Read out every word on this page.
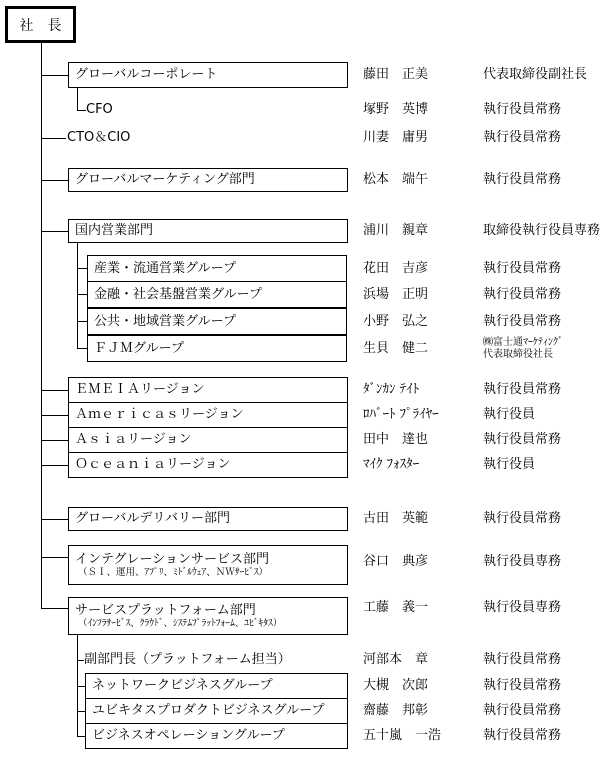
社　長
グローバルコーポレート
CFO
CTO＆CIO
グローバルマーケティング部門
国内営業部門
産業・流通営業グループ
金融・社会基盤営業グループ
公共・地域営業グループ
ＦＪＭグループ
ＥＭＥＩＡリージョン
Ａｍｅｒｉｃａｓリージョン
Ａｓｉａリージョン
Ｏｃｅａｎｉａリージョン
グローバルデリバリー部門
インテグレーションサービス部門
（ＳＩ、運用、ｱﾌﾟﾘ、ﾐﾄﾞﾙｳｪｱ、ＮＷｻｰﾋﾞｽ）
サービスプラットフォーム部門
（ｲﾝﾌﾗｻｰﾋﾞｽ、ｸﾗｳﾄﾞ、ｼｽﾃﾑﾌﾟﾗｯﾄﾌｫｰﾑ、ﾕﾋﾞｷﾀｽ）
副部門長（プラットフォーム担当）
ネットワークビジネスグループ
ユビキタスプロダクトビジネスグループ
ビジネスオペレーショングループ
藤田　正美
塚野　英博
川妻　庸男
松本　端午
浦川　親章
花田　吉彦
浜場　正明
小野　弘之
生貝　健二
ﾀﾞﾝｶﾝ ﾃｲﾄ
ﾛﾊﾞｰﾄ ﾌﾟﾗｲﾔｰ
田中　達也
ﾏｲｸ ﾌｫｽﾀｰ
古田　英範
谷口　典彦
工藤　義一
河部本　章
大槻　次郎
齋藤　邦彰
五十嵐　一浩
代表取締役副社長
執行役員常務
執行役員常務
執行役員常務
取締役執行役員専務
執行役員常務
執行役員常務
執行役員常務
㈱富士通ﾏｰｹﾃｨﾝｸﾞ
代表取締役社長
執行役員常務
執行役員
執行役員常務
執行役員
執行役員常務
執行役員専務
執行役員専務
執行役員常務
執行役員常務
執行役員常務
執行役員常務
